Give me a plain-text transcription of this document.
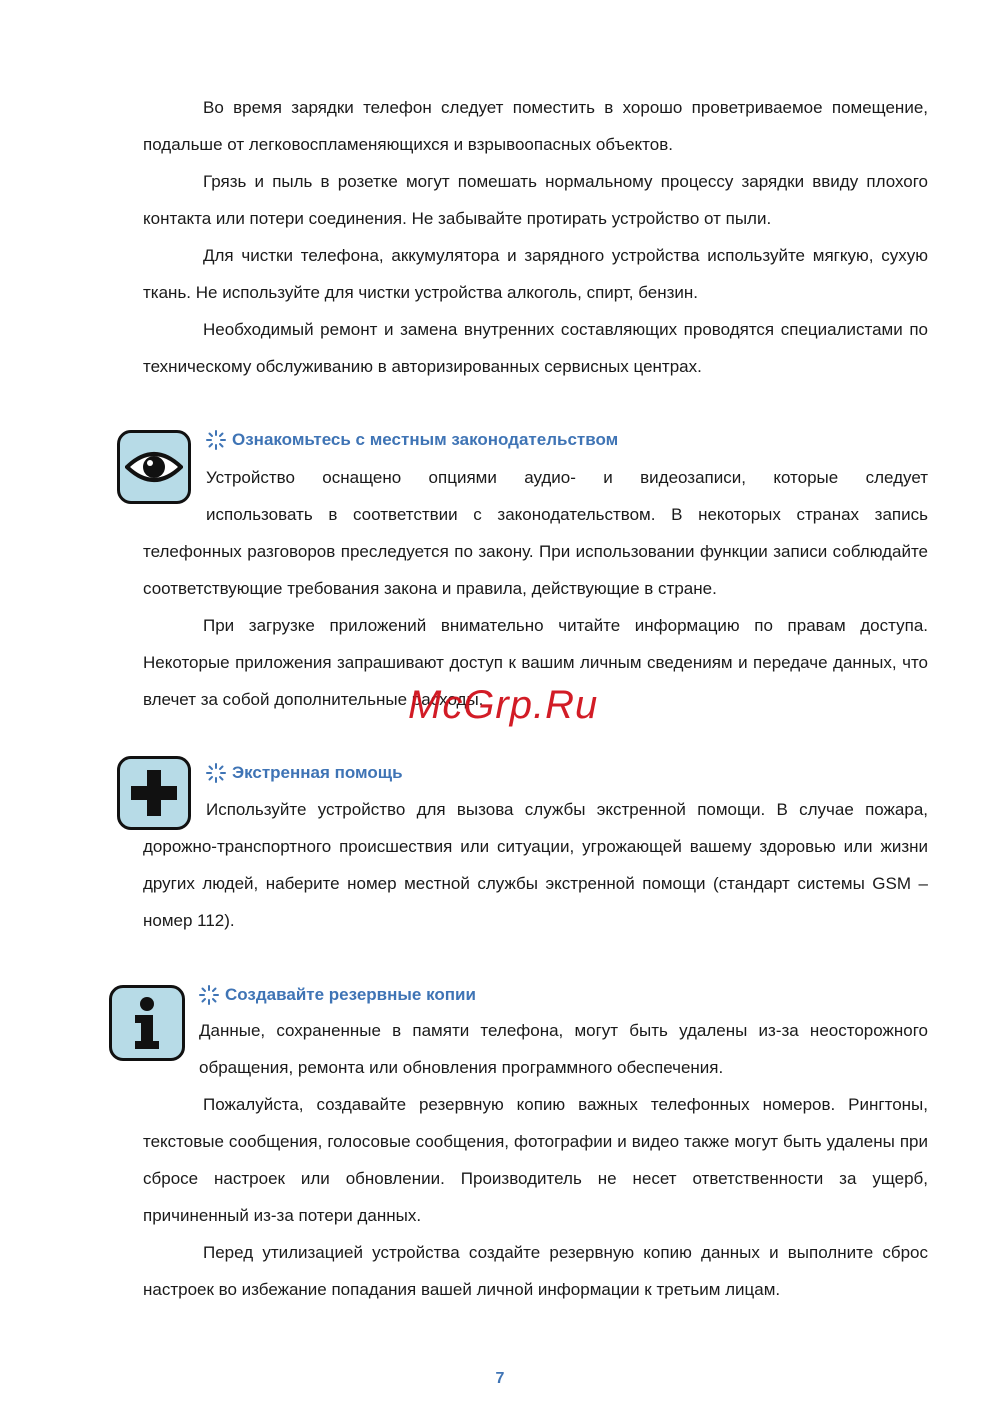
Во время зарядки телефон следует поместить в хорошо проветриваемое помещение, подальше от легковоспламеняющихся и взрывоопасных объектов.

Грязь и пыль в розетке могут помешать нормальному процессу зарядки ввиду плохого контакта или потери соединения. Не забывайте протирать устройство от пыли.

Для чистки телефона, аккумулятора и зарядного устройства используйте мягкую, сухую ткань. Не используйте для чистки устройства алкоголь, спирт, бензин.

Необходимый ремонт и замена внутренних составляющих проводятся специалистами по техническому обслуживанию в авторизированных сервисных центрах.

Ознакомьтесь с местным законодательством

Устройство оснащено опциями аудио- и видеозаписи, которые следует

использовать в соответствии с законодательством. В некоторых странах запись

телефонных разговоров преследуется по закону. При использовании функции записи соблюдайте соответствующие требования закона и правила, действующие в стране.

При загрузке приложений внимательно читайте информацию по правам доступа. Некоторые приложения запрашивают доступ к вашим личным сведениям и передаче данных, что влечет за собой дополнительные расходы.

Экстренная помощь

Используйте устройство для вызова службы экстренной помощи. В случае пожара,

дорожно-транспортного происшествия или ситуации, угрожающей вашему здоровью или жизни других людей, наберите номер местной службы экстренной помощи (стандарт системы GSM – номер 112).

Создавайте резервные копии

Данные, сохраненные в памяти телефона, могут быть удалены из-за неосторожного

обращения, ремонта или обновления программного обеспечения.

Пожалуйста, создавайте резервную копию важных телефонных номеров. Рингтоны, текстовые сообщения, голосовые сообщения, фотографии и видео также могут быть удалены при сбросе настроек или обновлении. Производитель не несет ответственности за ущерб, причиненный из-за потери данных.

Перед утилизацией устройства создайте резервную копию данных и выполните сброс настроек во избежание попадания вашей личной информации к третьим лицам.

McGrp.Ru
7
